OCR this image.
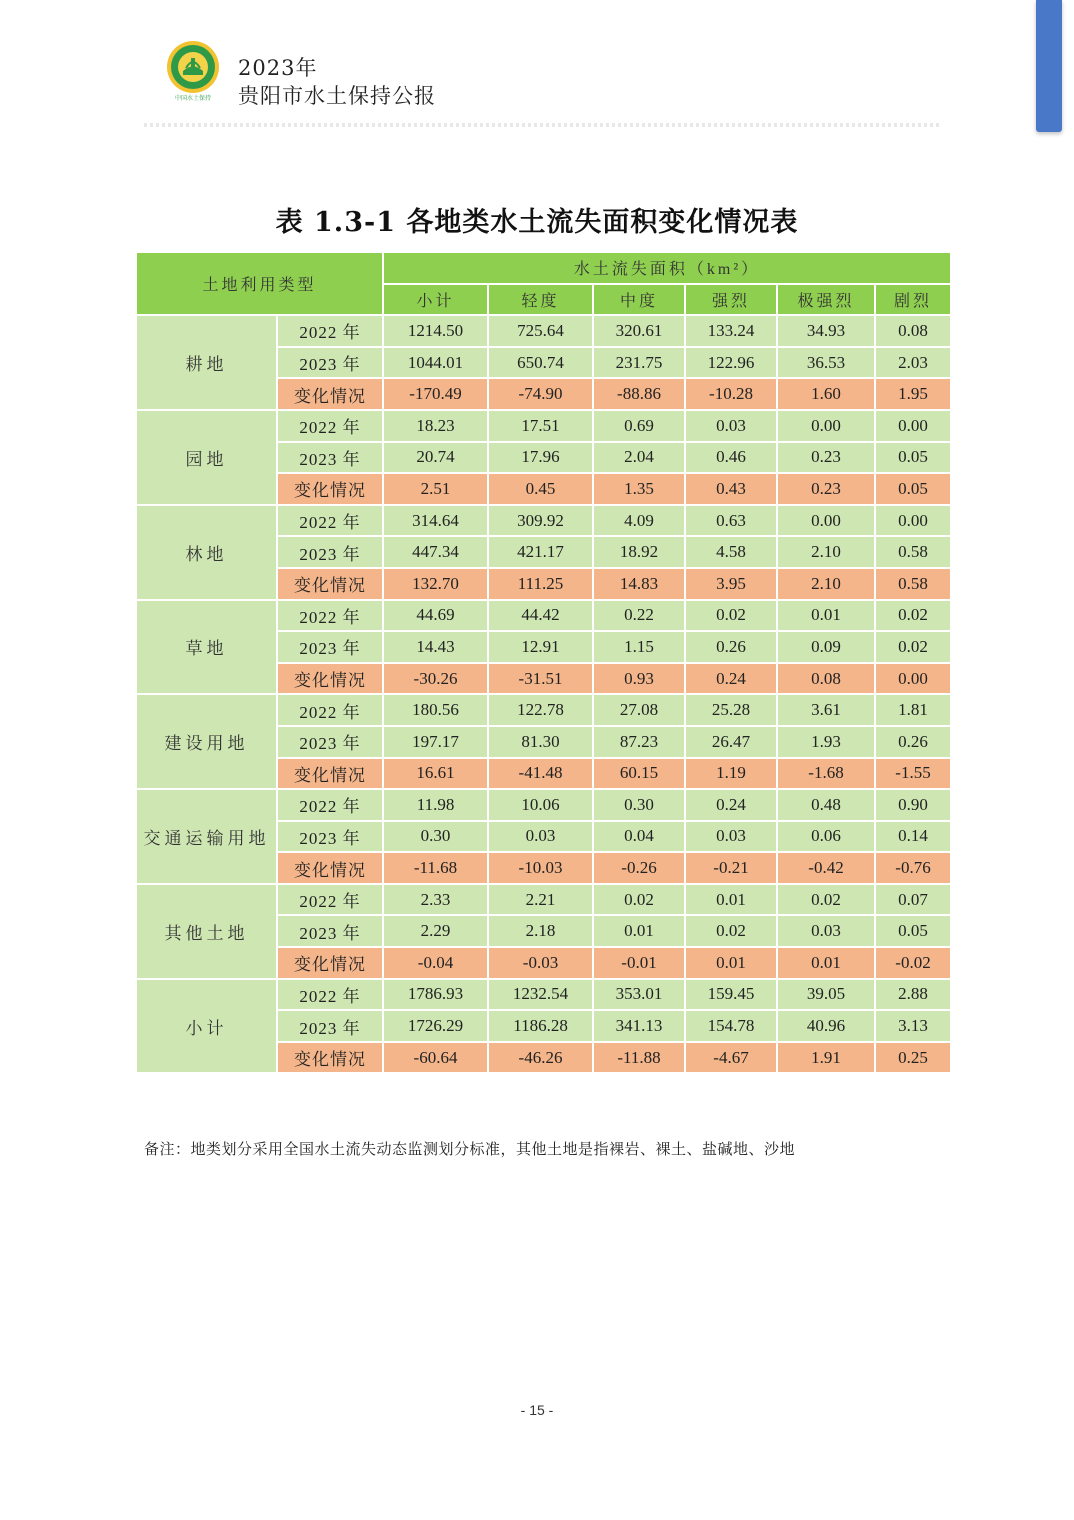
中国水土保持
2023年
贵阳市水土保持公报
表 1.3-1 各地类水土流失面积变化情况表
土地利用类型		水土流失面积（km²）					
		小计	轻度	中度	强烈	极强烈	剧烈
耕地	2022 年	1214.50	725.64	320.61	133.24	34.93	0.08
	2023 年	1044.01	650.74	231.75	122.96	36.53	2.03
	变化情况	-170.49	-74.90	-88.86	-10.28	1.60	1.95
园地	2022 年	18.23	17.51	0.69	0.03	0.00	0.00
	2023 年	20.74	17.96	2.04	0.46	0.23	0.05
	变化情况	2.51	0.45	1.35	0.43	0.23	0.05
林地	2022 年	314.64	309.92	4.09	0.63	0.00	0.00
	2023 年	447.34	421.17	18.92	4.58	2.10	0.58
	变化情况	132.70	111.25	14.83	3.95	2.10	0.58
草地	2022 年	44.69	44.42	0.22	0.02	0.01	0.02
	2023 年	14.43	12.91	1.15	0.26	0.09	0.02
	变化情况	-30.26	-31.51	0.93	0.24	0.08	0.00
建设用地	2022 年	180.56	122.78	27.08	25.28	3.61	1.81
	2023 年	197.17	81.30	87.23	26.47	1.93	0.26
	变化情况	16.61	-41.48	60.15	1.19	-1.68	-1.55
交通运输用地	2022 年	11.98	10.06	0.30	0.24	0.48	0.90
	2023 年	0.30	0.03	0.04	0.03	0.06	0.14
	变化情况	-11.68	-10.03	-0.26	-0.21	-0.42	-0.76
其他土地	2022 年	2.33	2.21	0.02	0.01	0.02	0.07
	2023 年	2.29	2.18	0.01	0.02	0.03	0.05
	变化情况	-0.04	-0.03	-0.01	0.01	0.01	-0.02
小计	2022 年	1786.93	1232.54	353.01	159.45	39.05	2.88
	2023 年	1726.29	1186.28	341.13	154.78	40.96	3.13
	变化情况	-60.64	-46.26	-11.88	-4.67	1.91	0.25
备注：地类划分采用全国水土流失动态监测划分标准，其他土地是指裸岩、裸土、盐碱地、沙地
- 15 -
